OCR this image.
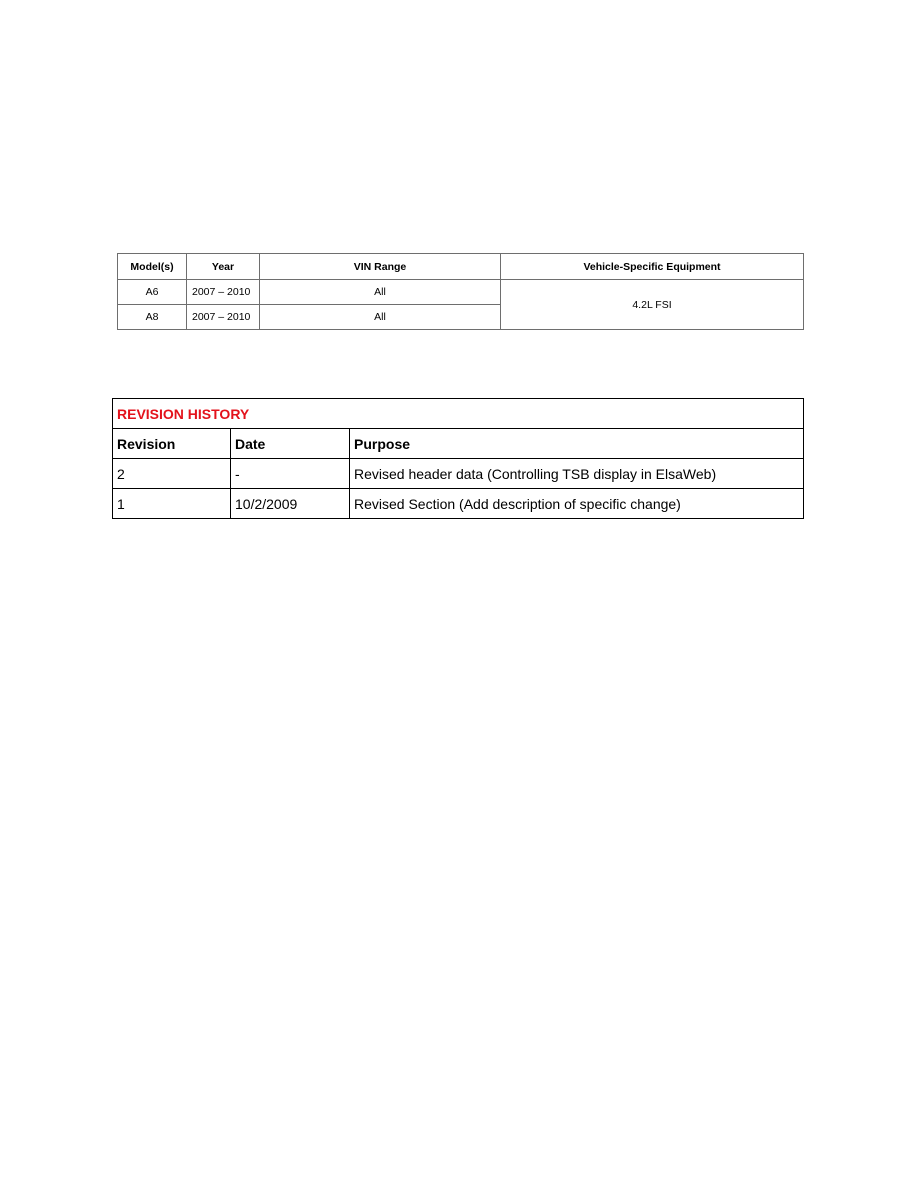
Model(s)	Year	VIN Range	Vehicle-Specific Equipment
A6	2007 – 2010	All	4.2L FSI
A8	2007 – 2010	All	
REVISION HISTORY		
Revision	Date	Purpose
2	-	Revised header data (Controlling TSB display in ElsaWeb)
1	10/2/2009	Revised Section (Add description of specific change)
